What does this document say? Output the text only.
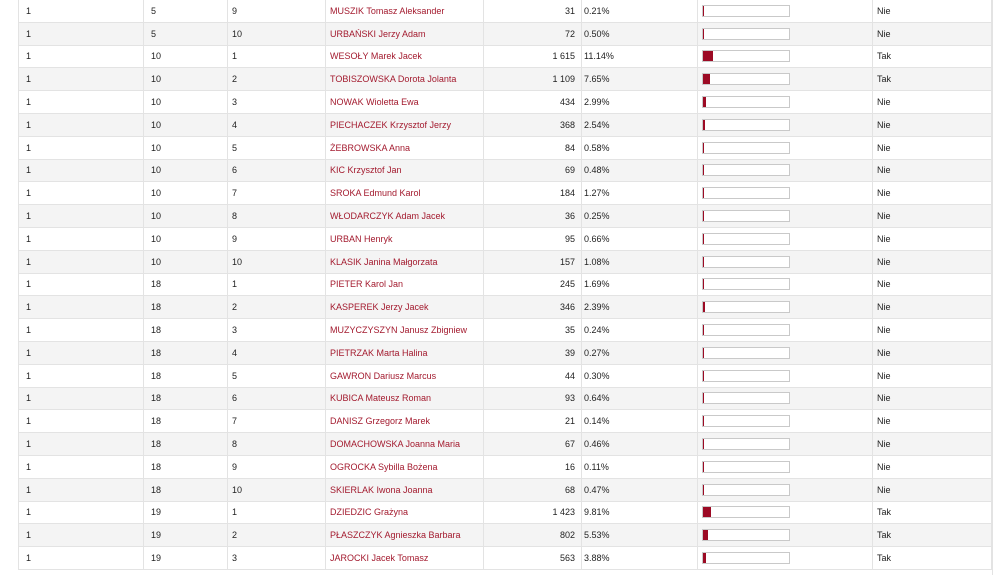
1	5	9	MUSZIK Tomasz Aleksander	31	0.21%		Nie
1	5	10	URBAŃSKI Jerzy Adam	72	0.50%		Nie
1	10	1	WESOŁY Marek Jacek	1 615	11.14%		Tak
1	10	2	TOBISZOWSKA Dorota Jolanta	1 109	7.65%		Tak
1	10	3	NOWAK Wioletta Ewa	434	2.99%		Nie
1	10	4	PIECHACZEK Krzysztof Jerzy	368	2.54%		Nie
1	10	5	ŻEBROWSKA Anna	84	0.58%		Nie
1	10	6	KIC Krzysztof Jan	69	0.48%		Nie
1	10	7	SROKA Edmund Karol	184	1.27%		Nie
1	10	8	WŁODARCZYK Adam Jacek	36	0.25%		Nie
1	10	9	URBAN Henryk	95	0.66%		Nie
1	10	10	KLASIK Janina Małgorzata	157	1.08%		Nie
1	18	1	PIETER Karol Jan	245	1.69%		Nie
1	18	2	KASPEREK Jerzy Jacek	346	2.39%		Nie
1	18	3	MUZYCZYSZYN Janusz Zbigniew	35	0.24%		Nie
1	18	4	PIETRZAK Marta Halina	39	0.27%		Nie
1	18	5	GAWRON Dariusz Marcus	44	0.30%		Nie
1	18	6	KUBICA Mateusz Roman	93	0.64%		Nie
1	18	7	DANISZ Grzegorz Marek	21	0.14%		Nie
1	18	8	DOMACHOWSKA Joanna Maria	67	0.46%		Nie
1	18	9	OGROCKA Sybilla Bożena	16	0.11%		Nie
1	18	10	SKIERLAK Iwona Joanna	68	0.47%		Nie
1	19	1	DZIEDZIC Grażyna	1 423	9.81%		Tak
1	19	2	PŁASZCZYK Agnieszka Barbara	802	5.53%		Tak
1	19	3	JAROCKI Jacek Tomasz	563	3.88%		Tak
